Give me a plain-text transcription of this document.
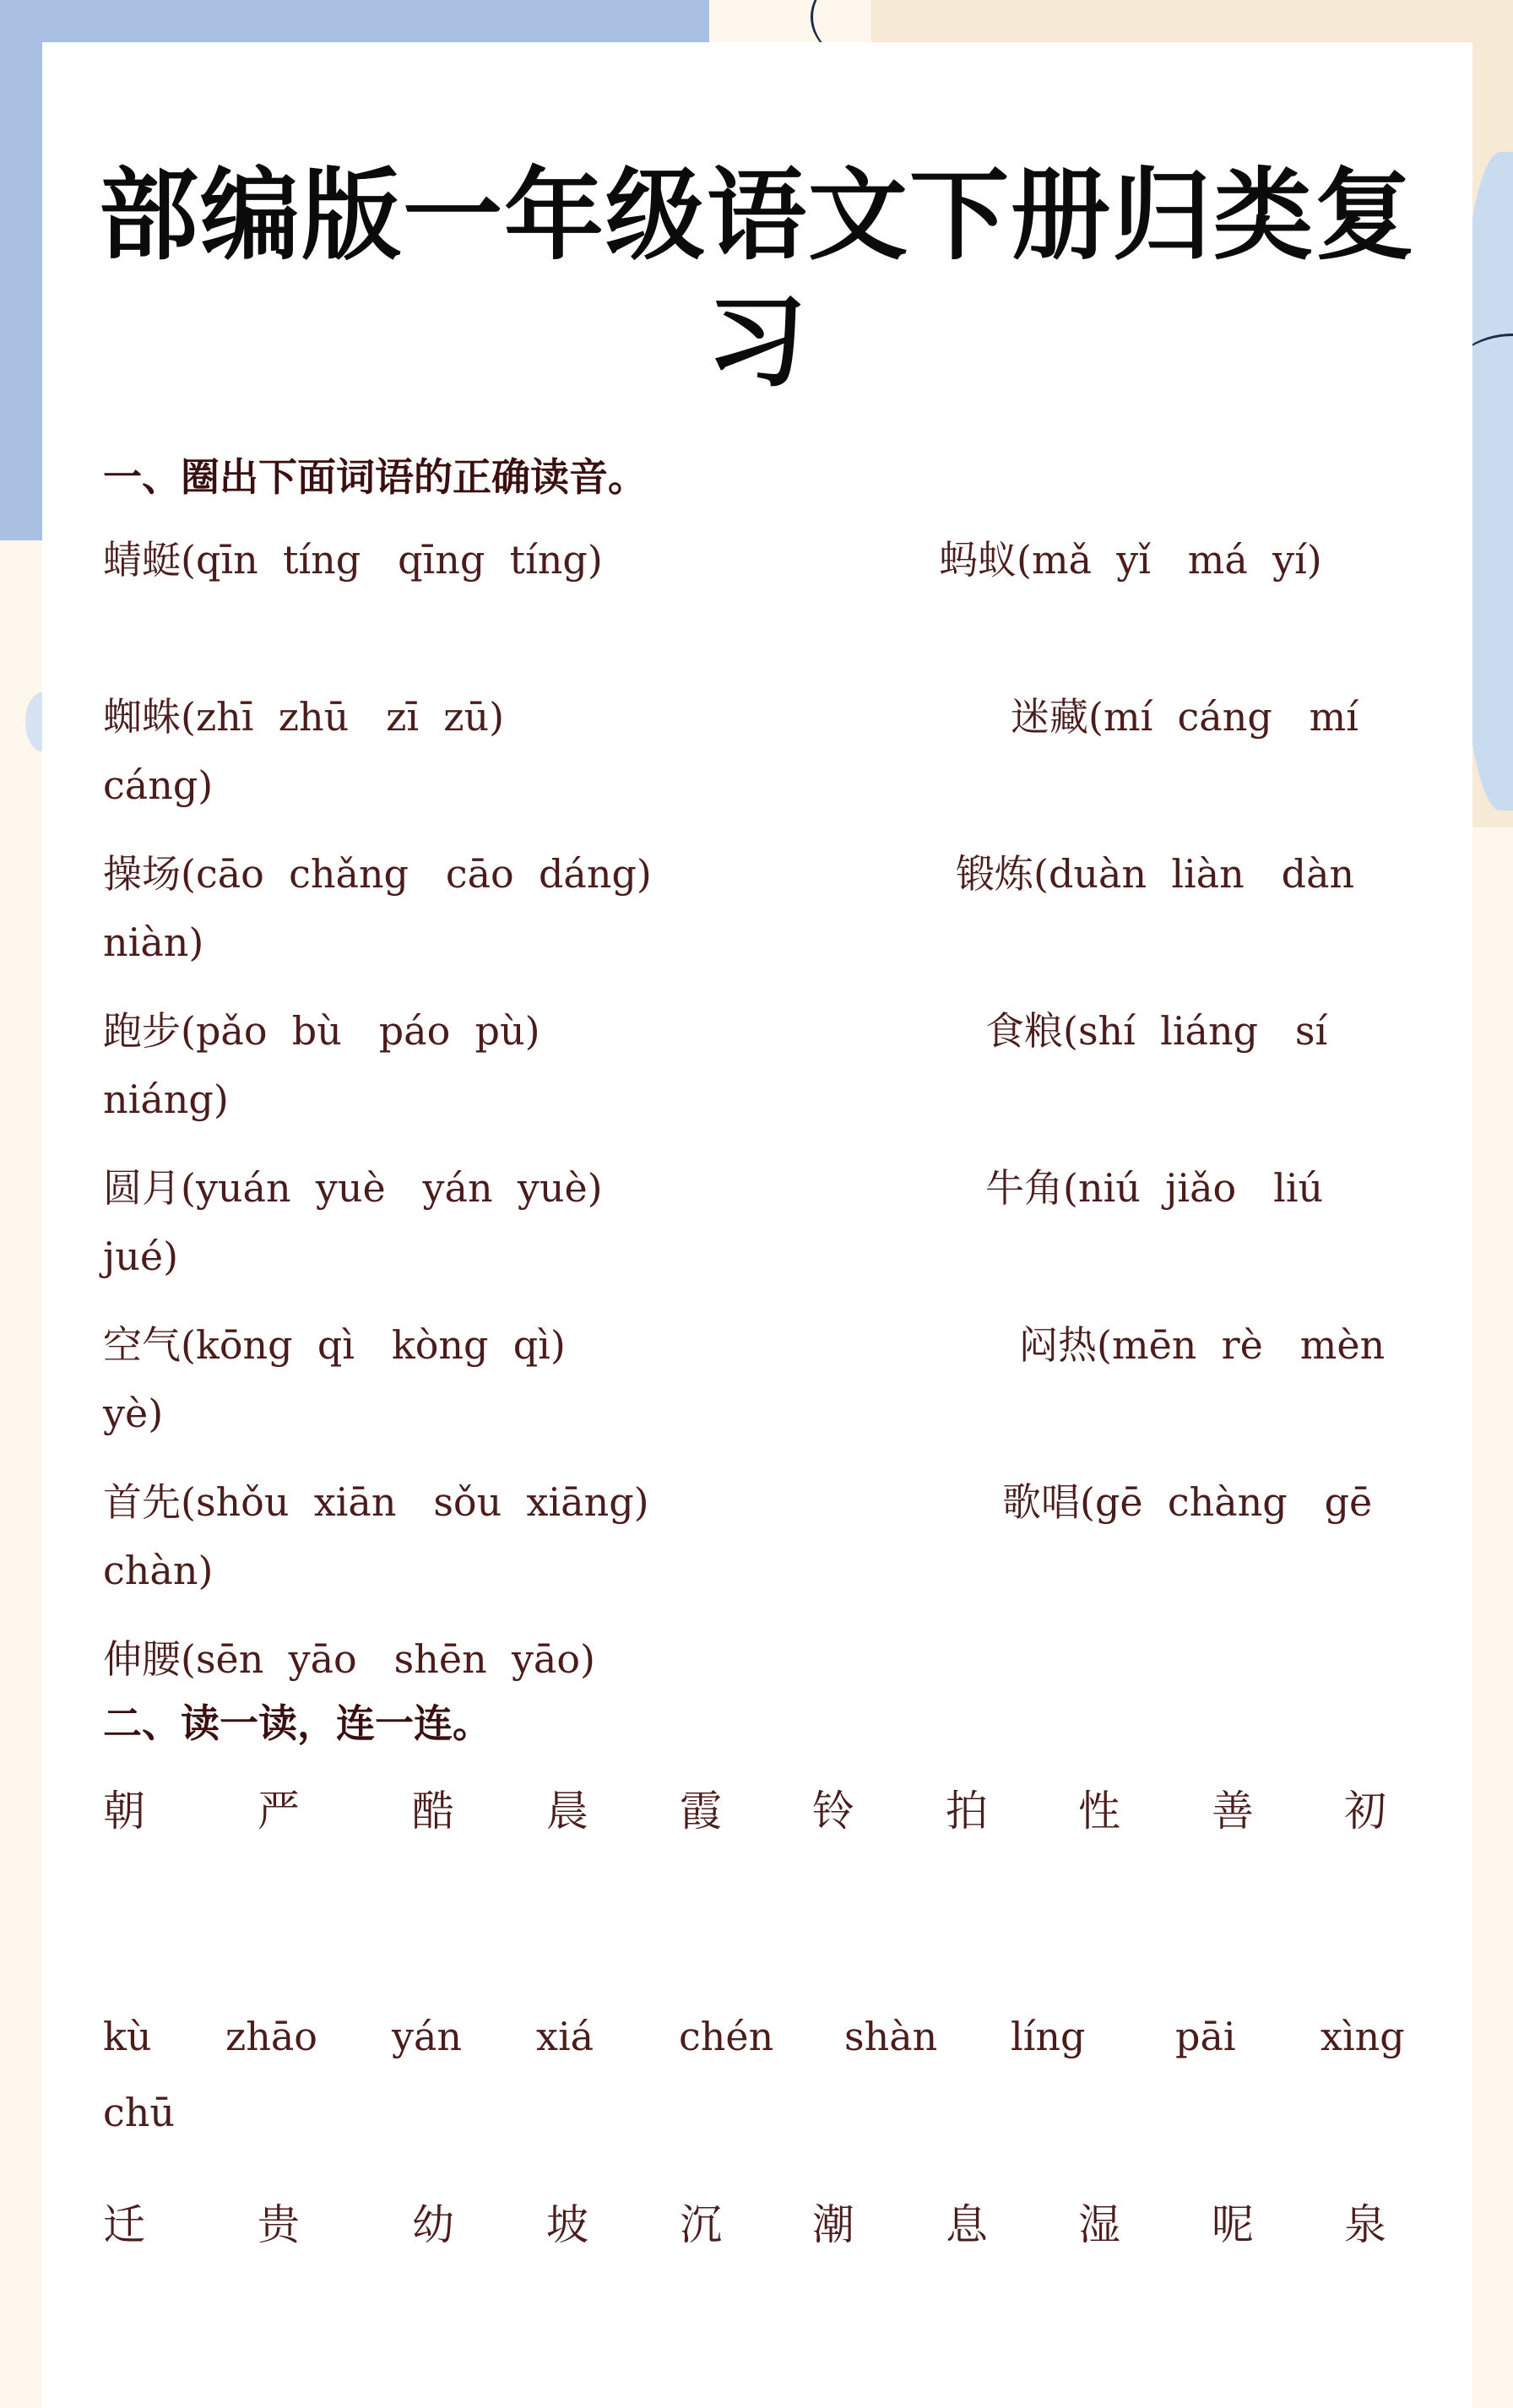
部编版一年级语文下册归类复
习
一、圈出下面词语的正确读音。
蜻蜓(qīn  tíng   qīng  tíng)	蚂蚁(mǎ  yǐ   má  yí)
蜘蛛(zhī  zhū   zī  zū)	迷藏(mí  cáng   mí
cáng)
操场(cāo  chǎng   cāo  dáng)	锻炼(duàn  liàn   dàn
niàn)
跑步(pǎo  bù   páo  pù)	食粮(shí  liáng   sí
niáng)
圆月(yuán  yuè   yán  yuè)	牛角(niú  jiǎo   liú
jué)
空气(kōng  qì   kòng  qì)	闷热(mēn  rè   mèn
yè)
首先(shǒu  xiān   sǒu  xiāng)	歌唱(gē  chàng   gē
chàn)
伸腰(sēn  yāo   shēn  yāo)
二、读一读，连一连。
朝	严	酷 晨 霞 铃 拍 性 善 初
kù zhāo yán xiá chén shàn líng pāi xìng
chū
迁	贵	幼 坡 沉 潮 息 湿 呢 泉
